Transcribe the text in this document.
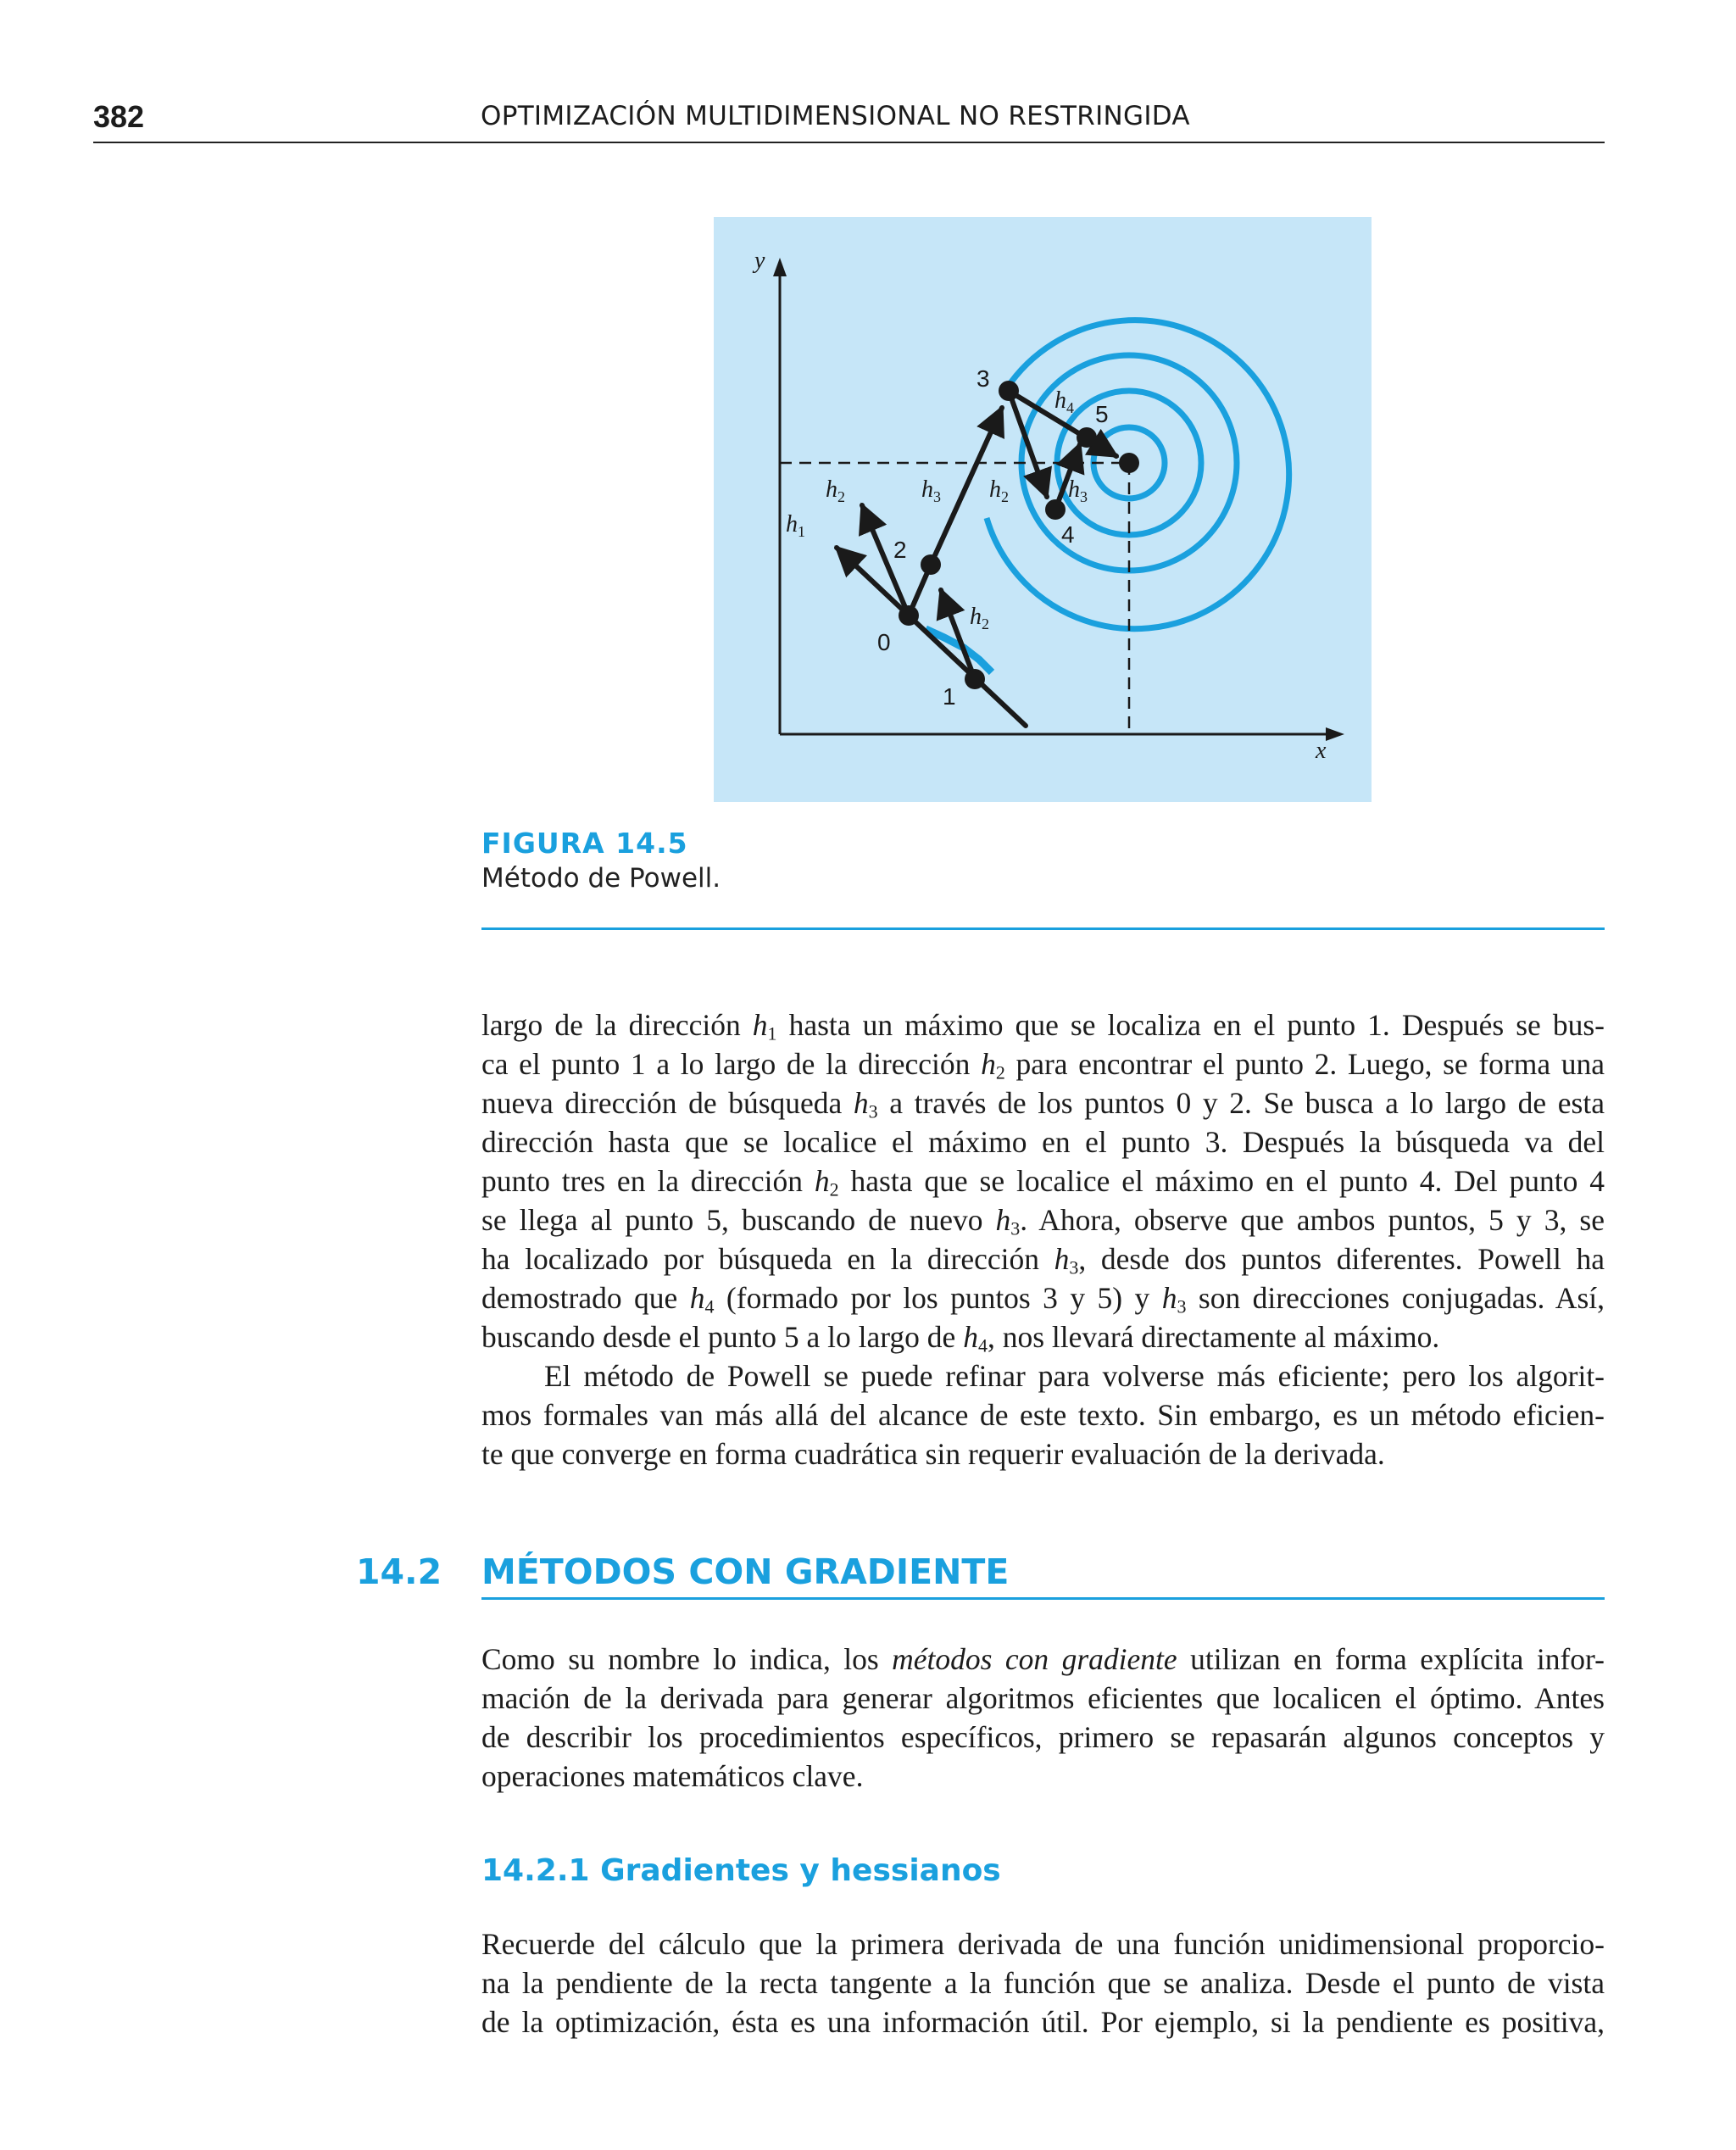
382	OPTIMIZACIÓN MULTIDIMENSIONAL NO RESTRINGIDA
y
x
0
1
2
3
4
5
$h_1$
$h_2$	$h_3$ $h_2$	$h_3$
$h_4$
$h_2$
FIGURA 14.5
Método de Powell.
largo de la dirección $h_1$ hasta un máximo que se localiza en el punto 1. Después se bus-
ca el punto 1 a lo largo de la dirección $h_2$ para encontrar el punto 2. Luego, se forma una
nueva dirección de búsqueda $h_3$ a través de los puntos 0 y 2. Se busca a lo largo de esta
dirección hasta que se localice el máximo en el punto 3. Después la búsqueda va del
punto tres en la dirección $h_2$ hasta que se localice el máximo en el punto 4. Del punto 4
se llega al punto 5, buscando de nuevo $h_3$. Ahora, observe que ambos puntos, 5 y 3, se
ha localizado por búsqueda en la dirección $h_3$, desde dos puntos diferentes. Powell ha
demostrado que $h_4$ (formado por los puntos 3 y 5) y $h_3$ son direcciones conjugadas. Así,
buscando desde el punto 5 a lo largo de $h_4$, nos llevará directamente al máximo.
El método de Powell se puede refinar para volverse más eficiente; pero los algorit-
mos formales van más allá del alcance de este texto. Sin embargo, es un método eficien-
te que converge en forma cuadrática sin requerir evaluación de la derivada.
14.2 MÉTODOS CON GRADIENTE
Como su nombre lo indica, los métodos con gradiente utilizan en forma explícita infor-
mación de la derivada para generar algoritmos eficientes que localicen el óptimo. Antes
de describir los procedimientos específicos, primero se repasarán algunos conceptos y
operaciones matemáticos clave.
14.2.1 Gradientes y hessianos
Recuerde del cálculo que la primera derivada de una función unidimensional proporcio-
na la pendiente de la recta tangente a la función que se analiza. Desde el punto de vista
de la optimización, ésta es una información útil. Por ejemplo, si la pendiente es positiva,
